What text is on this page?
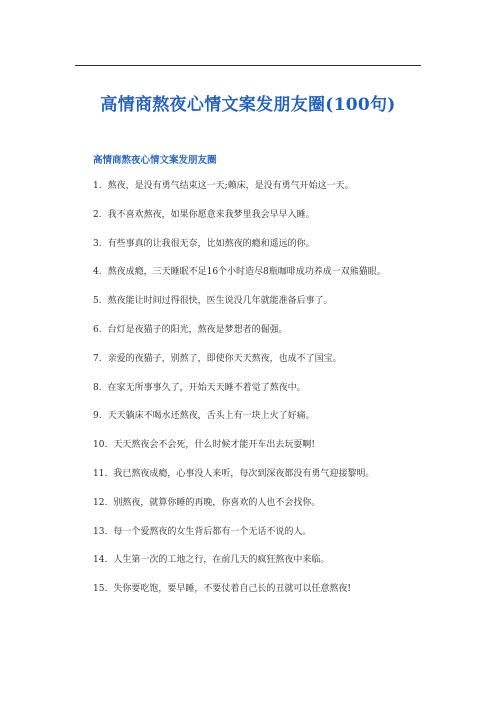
高情商熬夜心情文案发朋友圈(100句)
高情商熬夜心情文案发朋友圈
1. 熬夜，是没有勇气结束这一天;赖床，是没有勇气开始这一天。
2. 我不喜欢熬夜，如果你愿意来我梦里我会早早入睡。
3. 有些事真的让我很无奈，比如熬夜的瘾和遥远的你。
4. 熬夜成瘾，三天睡眠不足16个小时造尽8瓶咖啡成功养成一双熊猫眼。
5. 熬夜能让时间过得很快，医生说没几年就能准备后事了。
6. 台灯是夜猫子的阳光，熬夜是梦想者的倔强。
7. 亲爱的夜猫子，别熬了，即使你天天熬夜，也成不了国宝。
8. 在家无所事事久了，开始天天睡不着觉了熬夜中。
9. 天天躺床不喝水还熬夜，舌头上有一块上火了好痛。
10. 天天熬夜会不会死，什么时候才能开车出去玩耍啊!
11. 我已熬夜成瘾，心事没人来听，每次到深夜都没有勇气迎接黎明。
12. 别熬夜，就算你睡的再晚，你喜欢的人也不会找你。
13. 每一个爱熬夜的女生背后都有一个无话不说的人。
14. 人生第一次的工地之行，在前几天的疯狂熬夜中来临。
15. 失你要吃饱，要早睡，不要仗着自己长的丑就可以任意熬夜!
